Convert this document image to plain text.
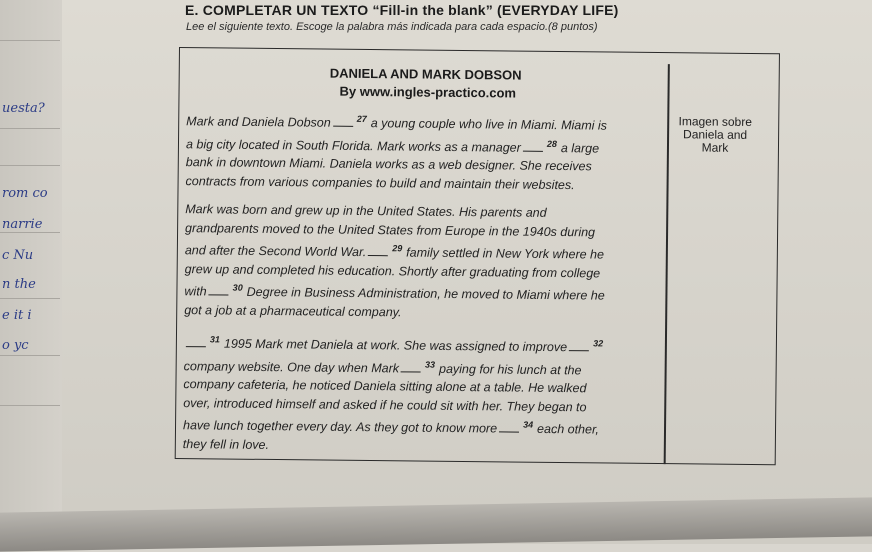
uesta?
rom co
narrie
c Nu
n the
e it i
o yc
E. COMPLETAR UN TEXTO “Fill-in the blank” (EVERYDAY LIFE)
Lee el siguiente texto. Escoge la palabra más indicada para cada espacio.(8 puntos)
DANIELA AND MARK DOBSON
By www.ingles-practico.com
Imagen sobre
Daniela and
Mark
Mark and Daniela Dobson	$^{27}$ a young couple who live in Miami. Miami is
a big city located in South Florida. Mark works as a manager	$^{28}$ a large
bank in downtown Miami. Daniela works as a web designer. She receives
contracts from various companies to build and maintain their websites.
Mark was born and grew up in the United States. His parents and
grandparents moved to the United States from Europe in the 1940s during
and after the Second World War.	$^{29}$ family settled in New York where he
grew up and completed his education. Shortly after graduating from college
with	$^{30}$ Degree in Business Administration, he moved to Miami where he
got a job at a pharmaceutical company.
$^{31}$ 1995 Mark met Daniela at work. She was assigned to improve	$^{32}$
company website. One day when Mark	$^{33}$ paying for his lunch at the
company cafeteria, he noticed Daniela sitting alone at a table. He walked
over, introduced himself and asked if he could sit with her. They began to
have lunch together every day. As they got to know more	$^{34}$ each other,
they fell in love.
